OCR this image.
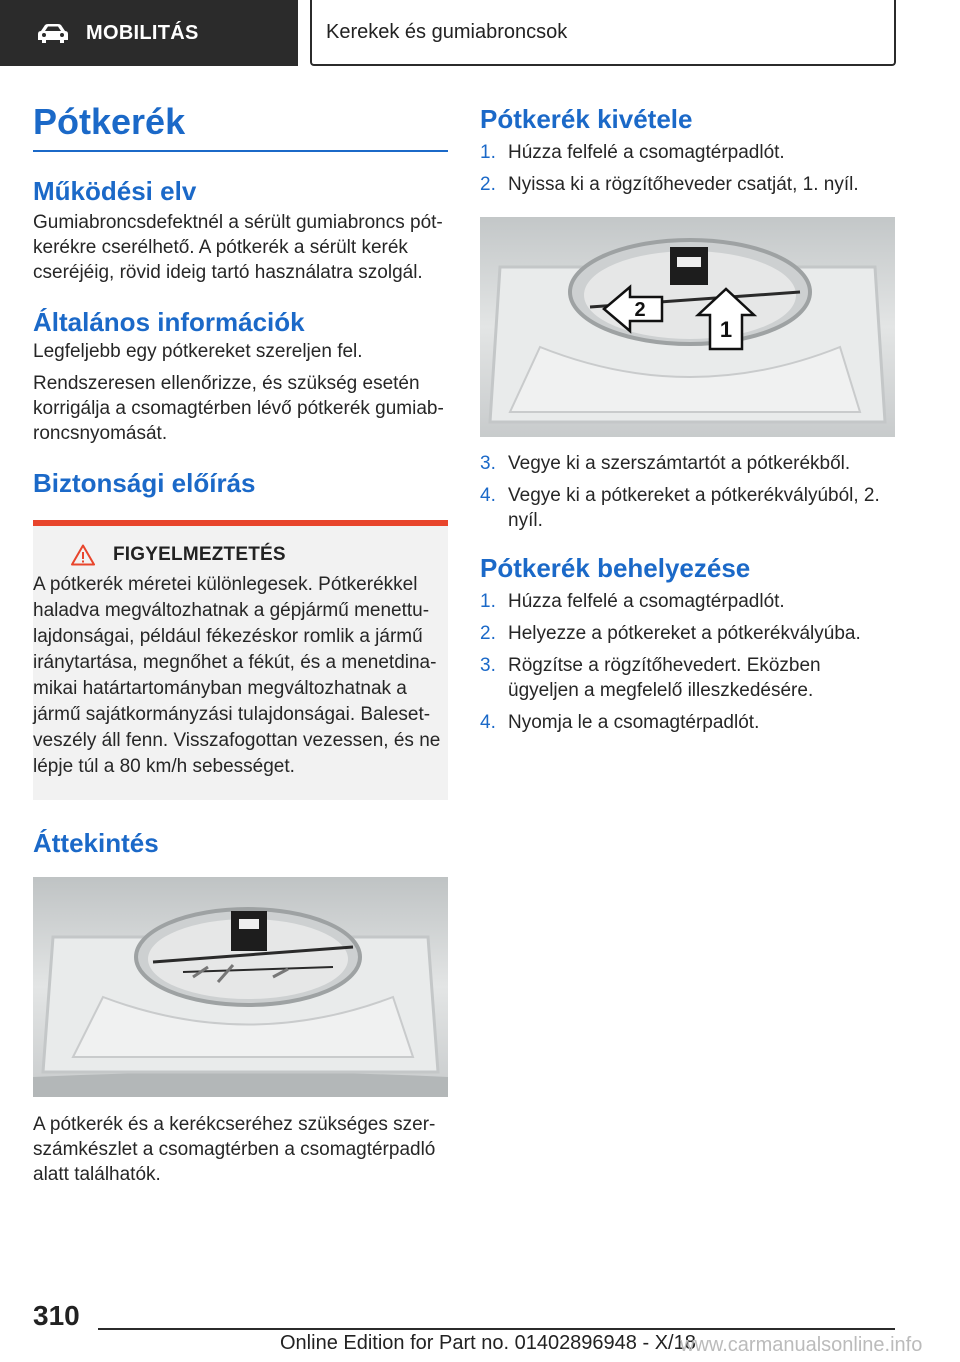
MOBILITÁS	Kerekek és gumiabroncsok
Pótkerék
Működési elv

Gumiabroncsdefektnél a sérült gumiabroncs pót-kerékre cserélhető. A pótkerék a sérült kerék cseréjéig, rövid ideig tartó használatra szolgál.

Általános információk

Legfeljebb egy pótkereket szereljen fel.

Rendszeresen ellenőrizze, és szükség esetén korrigálja a csomagtérben lévő pótkerék gumiab-roncsnyomását.

Biztonsági előírás
FIGYELMEZTETÉS

A pótkerék méretei különlegesek. Pótkerékkel haladva megváltozhatnak a gépjármű menettu-lajdonságai, például fékezéskor romlik a jármű iránytartása, megnőhet a fékút, és a menetdina-mikai határtartományban megváltozhatnak a jármű sajátkormányzási tulajdonságai. Baleset-veszély áll fenn. Visszafogottan vezessen, és ne lépje túl a 80 km/h sebességet.

Áttekintés

A pótkerék és a kerékcseréhez szükséges szer-számkészlet a csomagtérben a csomagtérpadló alatt találhatók.

Pótkerék kivétele
1. Húzza felfelé a csomagtérpadlót.
2. Nyissa ki a rögzítőheveder csatját, 1. nyíl.
1
2
3. Vegye ki a szerszámtartót a pótkerékből.
4. Vegye ki a pótkereket a pótkerékvályúból, 2. nyíl.
Pótkerék behelyezése
1. Húzza felfelé a csomagtérpadlót.
2. Helyezze a pótkereket a pótkerékvályúba.
3. Rögzítse a rögzítőhevedert. Eközben ügyeljen a megfelelő illeszkedésére.
4. Nyomja le a csomagtérpadlót.
310
Online Edition for Part no. 01402896948 - X/18
www.carmanualsonline.info
